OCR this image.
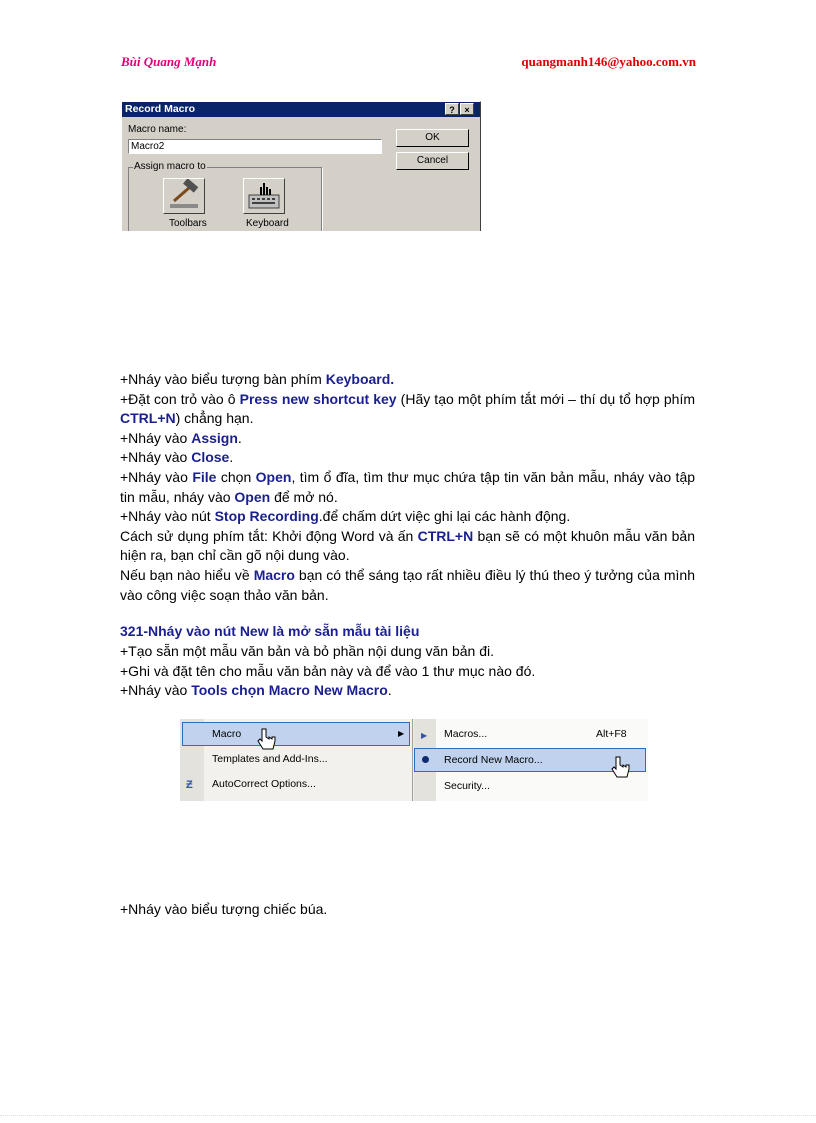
Bùi Quang Mạnh	quangmanh146@yahoo.com.vn
Record Macro	?	×
Macro name:
Macro2
OK
Cancel
Assign macro to
Toolbars	Keyboard
+Nháy vào biểu tượng bàn phím Keyboard.
+Đặt con trỏ vào ô Press new shortcut key (Hãy tạo một phím tắt mới – thí dụ tổ hợp phím CTRL+N) chẳng hạn.
+Nháy vào Assign.
+Nháy vào Close.
+Nháy vào File chọn Open, tìm ổ đĩa, tìm thư mục chứa tập tin văn bản mẫu, nháy vào tập tin mẫu, nháy vào Open để mở nó.
+Nháy vào nút Stop Recording.để chấm dứt việc ghi lại các hành động.
Cách sử dụng phím tắt: Khởi động Word và ấn CTRL+N bạn sẽ có một khuôn mẫu văn bản hiện ra, bạn chỉ cần gõ nội dung vào.
Nếu bạn nào hiểu về Macro bạn có thể sáng tạo rất nhiều điều lý thú theo ý tưởng của mình vào công việc soạn thảo văn bản.
321-Nháy vào nút New là mở sẵn mẫu tài liệu
+Tạo sẵn một mẫu văn bản và bỏ phần nội dung văn bản đi.
+Ghi và đặt tên cho mẫu văn bản này và để vào 1 thư mục nào đó.
+Nháy vào Tools chọn Macro New Macro.
Macro	▶
Templates and Add-Ins...
AutoCorrect Options...
Ƶ
▶ Macros...	Alt+F8
Record New Macro...
Security...
+Nháy vào biểu tượng chiếc búa.
